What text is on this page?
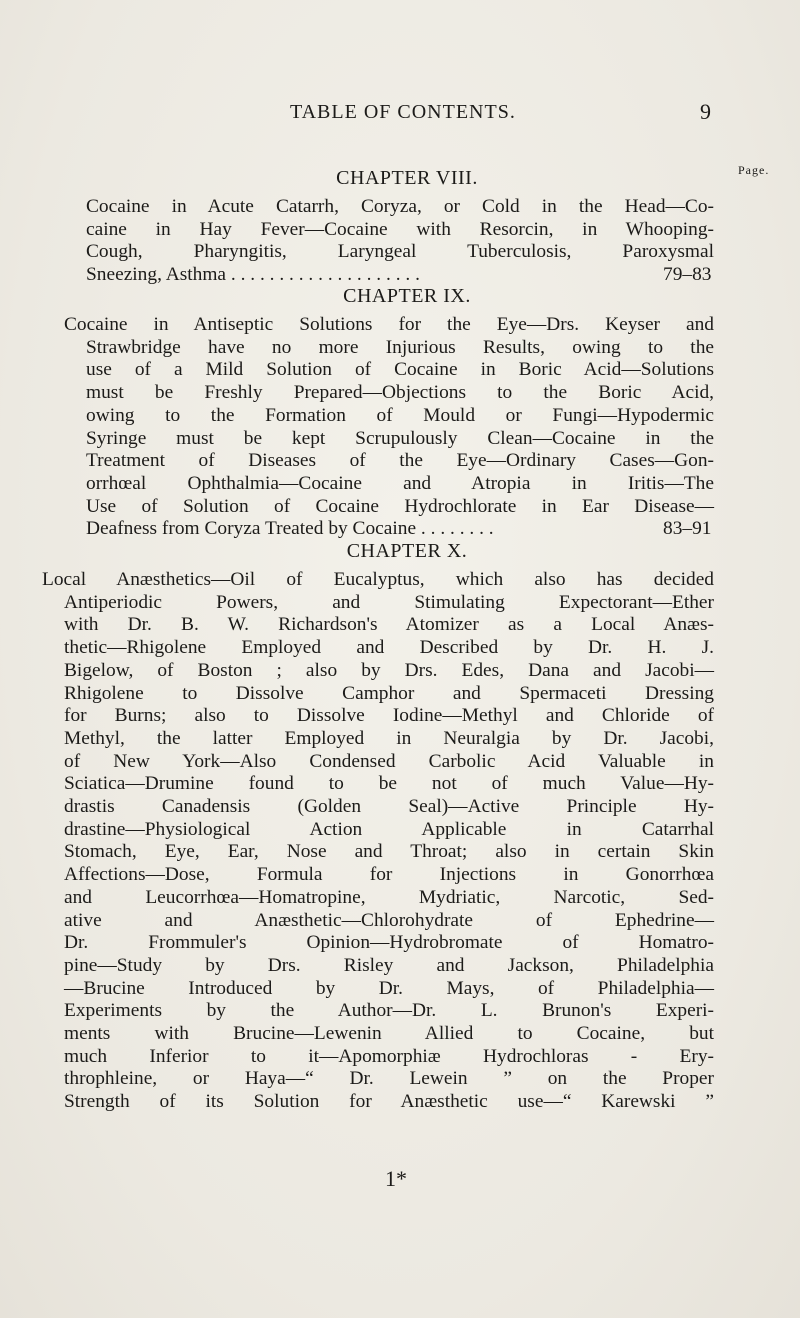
TABLE OF CONTENTS.	9
Page.
CHAPTER VIII.
Cocaine in Acute Catarrh, Coryza, or Cold in the Head—Co-
caine in Hay Fever—Cocaine with Resorcin, in Whooping-
Cough, Pharyngitis, Laryngeal Tuberculosis, Paroxysmal
Sneezing, Asthma . . . . . . . . . . . . . . . . . . . .	79–83
CHAPTER IX.
Cocaine in Antiseptic Solutions for the Eye—Drs. Keyser and
Strawbridge have no more Injurious Results, owing to the
use of a Mild Solution of Cocaine in Boric Acid—Solutions
must be Freshly Prepared—Objections to the Boric Acid,
owing to the Formation of Mould or Fungi—Hypodermic
Syringe must be kept Scrupulously Clean—Cocaine in the
Treatment of Diseases of the Eye—Ordinary Cases—Gon-
orrhœal Ophthalmia—Cocaine and Atropia in Iritis—The
Use of Solution of Cocaine Hydrochlorate in Ear Disease—
Deafness from Coryza Treated by Cocaine . . . . . . . .	83–91
CHAPTER X.
Local Anæsthetics—Oil of Eucalyptus, which also has decided
Antiperiodic Powers, and Stimulating Expectorant—Ether
with Dr. B. W. Richardson's Atomizer as a Local Anæs-
thetic—Rhigolene Employed and Described by Dr. H. J.
Bigelow, of Boston ; also by Drs. Edes, Dana and Jacobi—
Rhigolene to Dissolve Camphor and Spermaceti Dressing
for Burns; also to Dissolve Iodine—Methyl and Chloride of
Methyl, the latter Employed in Neuralgia by Dr. Jacobi,
of New York—Also Condensed Carbolic Acid Valuable in
Sciatica—Drumine found to be not of much Value—Hy-
drastis Canadensis (Golden Seal)—Active Principle Hy-
drastine—Physiological Action Applicable in Catarrhal
Stomach, Eye, Ear, Nose and Throat; also in certain Skin
Affections—Dose, Formula for Injections in Gonorrhœa
and Leucorrhœa—Homatropine, Mydriatic, Narcotic, Sed-
ative and Anæsthetic—Chlorohydrate of Ephedrine—
Dr. Frommuler's Opinion—Hydrobromate of Homatro-
pine—Study by Drs. Risley and Jackson, Philadelphia
—Brucine Introduced by Dr. Mays, of Philadelphia—
Experiments by the Author—Dr. L. Brunon's Experi-
ments with Brucine—Lewenin Allied to Cocaine, but
much Inferior to it—Apomorphiæ Hydrochloras - Ery-
throphleine, or Haya—“ Dr. Lewein ” on the Proper
Strength of its Solution for Anæsthetic use—“ Karewski ”
1*
